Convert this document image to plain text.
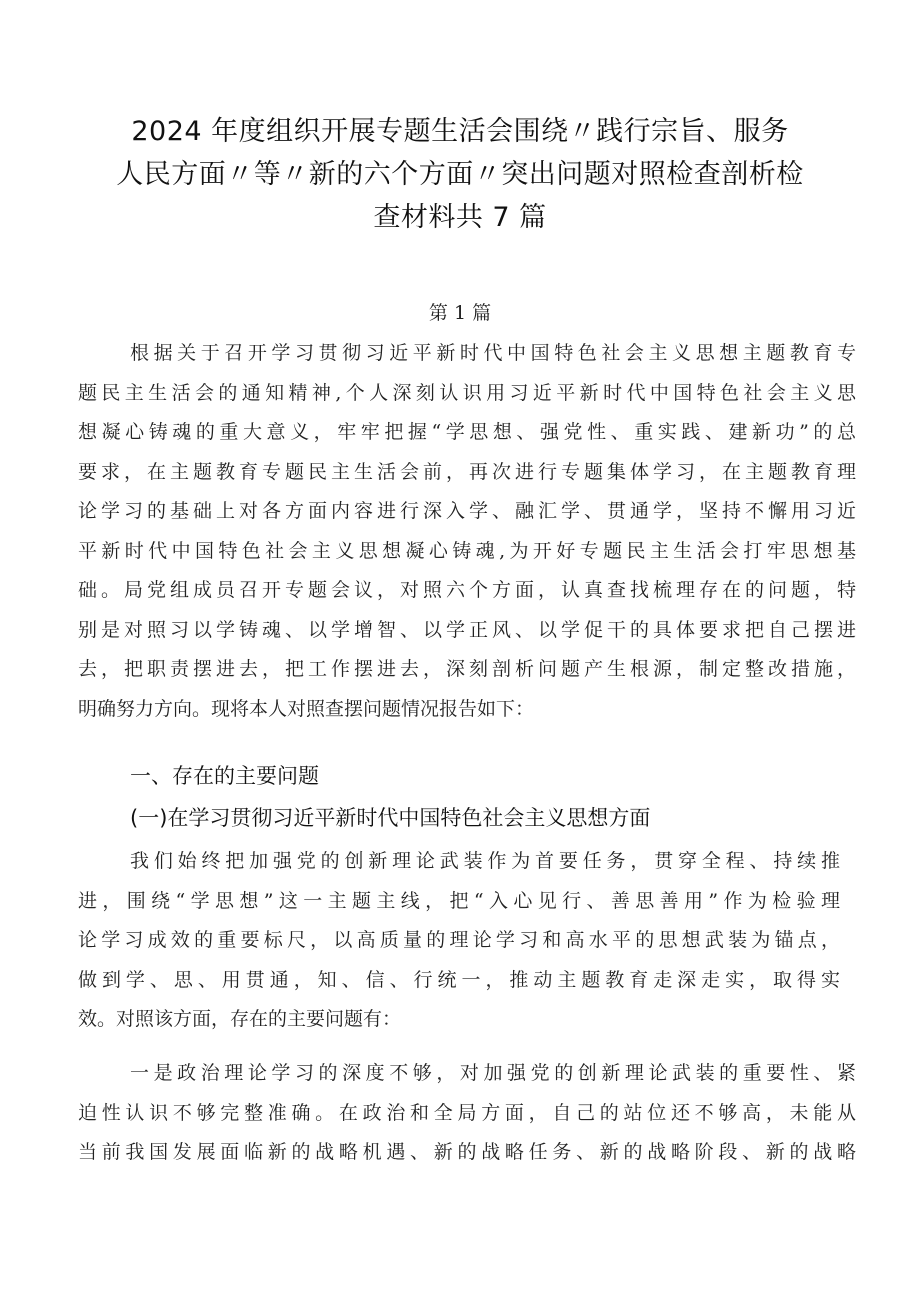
2024 年度组织开展专题生活会围绕〃践行宗旨、服务
人民方面〃等〃新的六个方面〃突出问题对照检查剖析检
查材料共 7 篇
第 1 篇
根据关于召开学习贯彻习近平新时代中国特色社会主义思想主题教育专
题民主生活会的通知精神,个人深刻认识用习近平新时代中国特色社会主义思
想凝心铸魂的重大意义，牢牢把握“学思想、强党性、重实践、建新功”的总
要求，在主题教育专题民主生活会前，再次进行专题集体学习，在主题教育理
论学习的基础上对各方面内容进行深入学、融汇学、贯通学，坚持不懈用习近
平新时代中国特色社会主义思想凝心铸魂,为开好专题民主生活会打牢思想基
础。局党组成员召开专题会议，对照六个方面，认真查找梳理存在的问题，特
别是对照习以学铸魂、以学增智、以学正风、以学促干的具体要求把自己摆进
去，把职责摆进去，把工作摆进去，深刻剖析问题产生根源，制定整改措施，
明确努力方向。现将本人对照查摆问题情况报告如下：
一、存在的主要问题
(一)在学习贯彻习近平新时代中国特色社会主义思想方面
我们始终把加强党的创新理论武装作为首要任务，贯穿全程、持续推
进，围绕“学思想”这一主题主线，把“入心见行、善思善用”作为检验理
论学习成效的重要标尺，以高质量的理论学习和高水平的思想武装为锚点，
做到学、思、用贯通，知、信、行统一，推动主题教育走深走实，取得实
效。对照该方面，存在的主要问题有：
一是政治理论学习的深度不够，对加强党的创新理论武装的重要性、紧
迫性认识不够完整准确。在政治和全局方面，自己的站位还不够高，未能从
当前我国发展面临新的战略机遇、新的战略任务、新的战略阶段、新的战略
